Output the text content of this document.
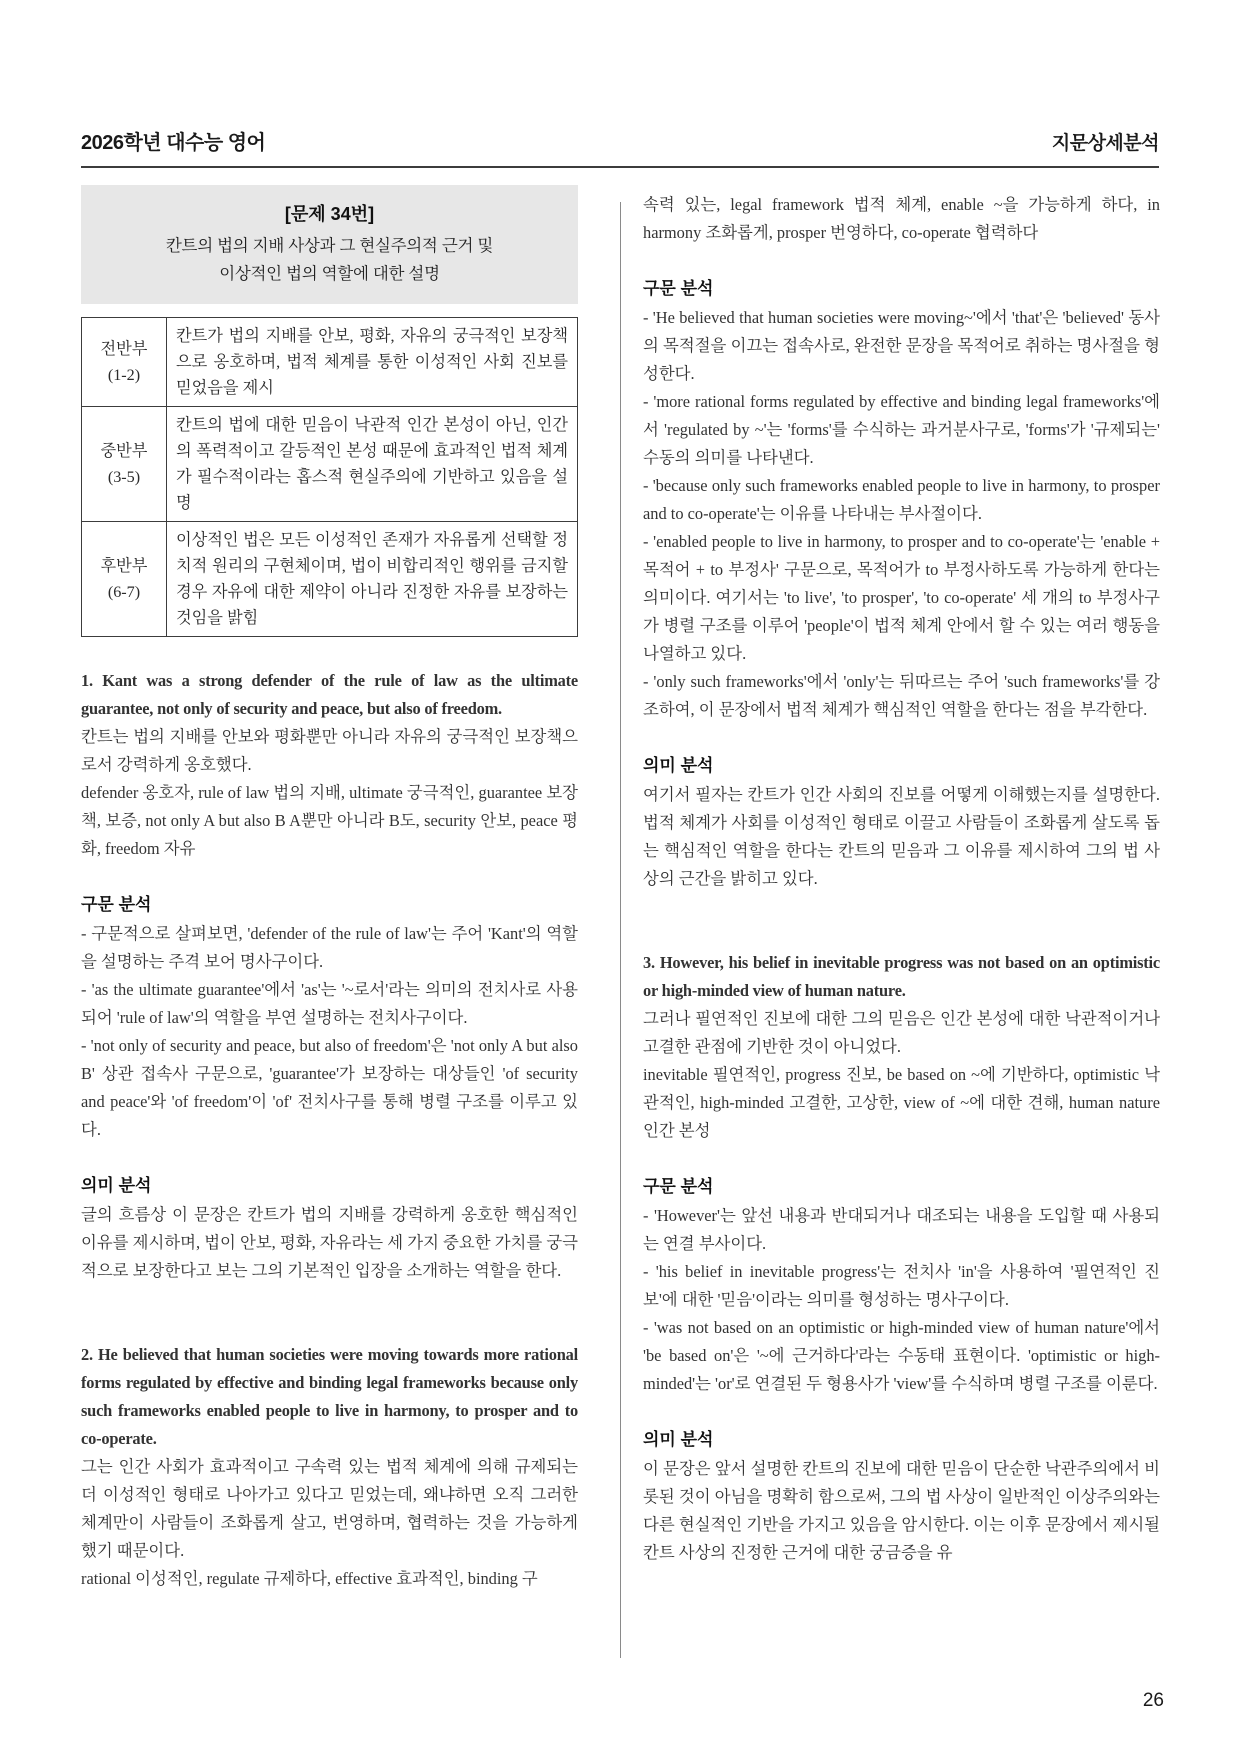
2026학년 대수능 영어	지문상세분석
[문제 34번]
칸트의 법의 지배 사상과 그 현실주의적 근거 및
이상적인 법의 역할에 대한 설명
전반부
(1-2)	칸트가 법의 지배를 안보, 평화, 자유의 궁극적인 보장책으로 옹호하며, 법적 체계를 통한 이성적인 사회 진보를 믿었음을 제시

중반부
(3-5)	칸트의 법에 대한 믿음이 낙관적 인간 본성이 아닌, 인간의 폭력적이고 갈등적인 본성 때문에 효과적인 법적 체계가 필수적이라는 홉스적 현실주의에 기반하고 있음을 설명

후반부
(6-7)	이상적인 법은 모든 이성적인 존재가 자유롭게 선택할 정치적 원리의 구현체이며, 법이 비합리적인 행위를 금지할 경우 자유에 대한 제약이 아니라 진정한 자유를 보장하는 것임을 밝힘

1. Kant was a strong defender of the rule of law as the ultimate guarantee, not only of security and peace, but also of freedom.

칸트는 법의 지배를 안보와 평화뿐만 아니라 자유의 궁극적인 보장책으로서 강력하게 옹호했다.

defender 옹호자, rule of law 법의 지배, ultimate 궁극적인, guarantee 보장책, 보증, not only A but also B A뿐만 아니라 B도, security 안보, peace 평화, freedom 자유

구문 분석

- 구문적으로 살펴보면, 'defender of the rule of law'는 주어 'Kant'의 역할을 설명하는 주격 보어 명사구이다.

- 'as the ultimate guarantee'에서 'as'는 '~로서'라는 의미의 전치사로 사용되어 'rule of law'의 역할을 부연 설명하는 전치사구이다.

- 'not only of security and peace, but also of freedom'은 'not only A but also B' 상관 접속사 구문으로, 'guarantee'가 보장하는 대상들인 'of security and peace'와 'of freedom'이 'of' 전치사구를 통해 병렬 구조를 이루고 있다.

의미 분석

글의 흐름상 이 문장은 칸트가 법의 지배를 강력하게 옹호한 핵심적인 이유를 제시하며, 법이 안보, 평화, 자유라는 세 가지 중요한 가치를 궁극적으로 보장한다고 보는 그의 기본적인 입장을 소개하는 역할을 한다.

2. He believed that human societies were moving towards more rational forms regulated by effective and binding legal frameworks because only such frameworks enabled people to live in harmony, to prosper and to co-operate.

그는 인간 사회가 효과적이고 구속력 있는 법적 체계에 의해 규제되는 더 이성적인 형태로 나아가고 있다고 믿었는데, 왜냐하면 오직 그러한 체계만이 사람들이 조화롭게 살고, 번영하며, 협력하는 것을 가능하게 했기 때문이다.

rational 이성적인, regulate 규제하다, effective 효과적인, binding 구

속력 있는, legal framework 법적 체계, enable ~을 가능하게 하다, in harmony 조화롭게, prosper 번영하다, co-operate 협력하다

구문 분석

- 'He believed that human societies were moving~'에서 'that'은 'believed' 동사의 목적절을 이끄는 접속사로, 완전한 문장을 목적어로 취하는 명사절을 형성한다.

- 'more rational forms regulated by effective and binding legal frameworks'에서 'regulated by ~'는 'forms'를 수식하는 과거분사구로, 'forms'가 '규제되는' 수동의 의미를 나타낸다.

- 'because only such frameworks enabled people to live in harmony, to prosper and to co-operate'는 이유를 나타내는 부사절이다.

- 'enabled people to live in harmony, to prosper and to co-operate'는 'enable + 목적어 + to 부정사' 구문으로, 목적어가 to 부정사하도록 가능하게 한다는 의미이다. 여기서는 'to live', 'to prosper', 'to co-operate' 세 개의 to 부정사구가 병렬 구조를 이루어 'people'이 법적 체계 안에서 할 수 있는 여러 행동을 나열하고 있다.

- 'only such frameworks'에서 'only'는 뒤따르는 주어 'such frameworks'를 강조하여, 이 문장에서 법적 체계가 핵심적인 역할을 한다는 점을 부각한다.

의미 분석

여기서 필자는 칸트가 인간 사회의 진보를 어떻게 이해했는지를 설명한다. 법적 체계가 사회를 이성적인 형태로 이끌고 사람들이 조화롭게 살도록 돕는 핵심적인 역할을 한다는 칸트의 믿음과 그 이유를 제시하여 그의 법 사상의 근간을 밝히고 있다.

3. However, his belief in inevitable progress was not based on an optimistic or high-minded view of human nature.

그러나 필연적인 진보에 대한 그의 믿음은 인간 본성에 대한 낙관적이거나 고결한 관점에 기반한 것이 아니었다.

inevitable 필연적인, progress 진보, be based on ~에 기반하다, optimistic 낙관적인, high-minded 고결한, 고상한, view of ~에 대한 견해, human nature 인간 본성

구문 분석

- 'However'는 앞선 내용과 반대되거나 대조되는 내용을 도입할 때 사용되는 연결 부사이다.

- 'his belief in inevitable progress'는 전치사 'in'을 사용하여 '필연적인 진보'에 대한 '믿음'이라는 의미를 형성하는 명사구이다.

- 'was not based on an optimistic or high-minded view of human nature'에서 'be based on'은 '~에 근거하다'라는 수동태 표현이다. 'optimistic or high-minded'는 'or'로 연결된 두 형용사가 'view'를 수식하며 병렬 구조를 이룬다.

의미 분석

이 문장은 앞서 설명한 칸트의 진보에 대한 믿음이 단순한 낙관주의에서 비롯된 것이 아님을 명확히 함으로써, 그의 법 사상이 일반적인 이상주의와는 다른 현실적인 기반을 가지고 있음을 암시한다. 이는 이후 문장에서 제시될 칸트 사상의 진정한 근거에 대한 궁금증을 유

26
